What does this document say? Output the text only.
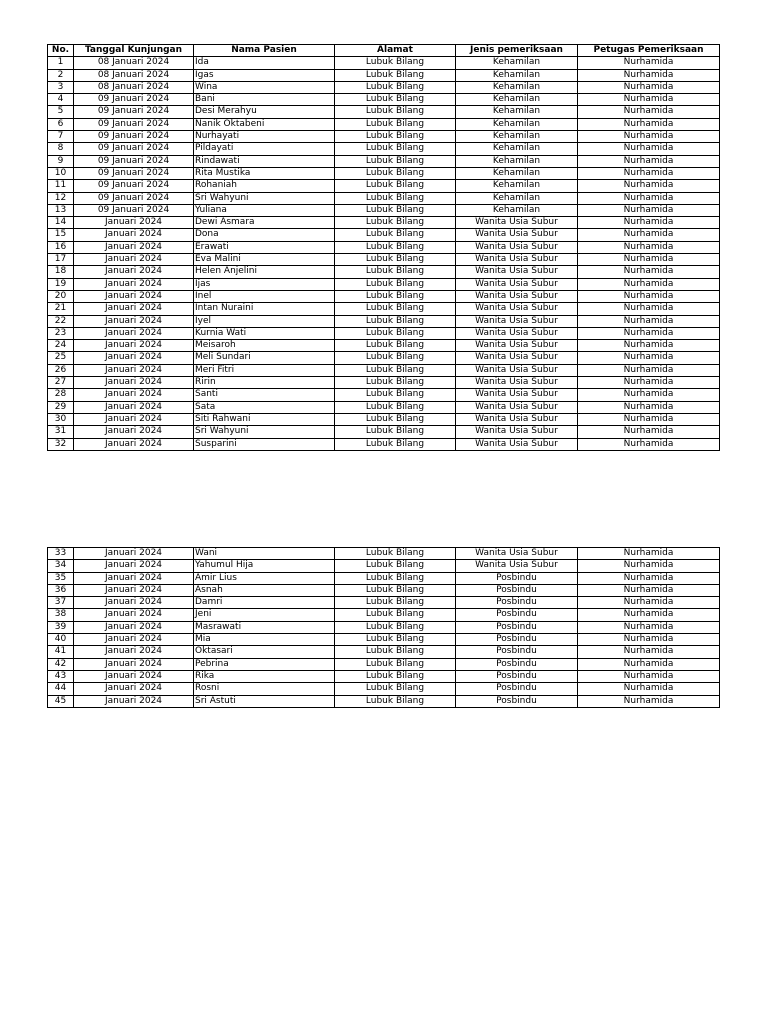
No.	Tanggal Kunjungan	Nama Pasien	Alamat	Jenis pemeriksaan	Petugas Pemeriksaan
1	08 Januari 2024	Ida	Lubuk Bilang	Kehamilan	Nurhamida
2	08 Januari 2024	Igas	Lubuk Bilang	Kehamilan	Nurhamida
3	08 Januari 2024	Wina	Lubuk Bilang	Kehamilan	Nurhamida
4	09 Januari 2024	Bani	Lubuk Bilang	Kehamilan	Nurhamida
5	09 Januari 2024	Desi Merahyu	Lubuk Bilang	Kehamilan	Nurhamida
6	09 Januari 2024	Nanik Oktabeni	Lubuk Bilang	Kehamilan	Nurhamida
7	09 Januari 2024	Nurhayati	Lubuk Bilang	Kehamilan	Nurhamida
8	09 Januari 2024	Pildayati	Lubuk Bilang	Kehamilan	Nurhamida
9	09 Januari 2024	Rindawati	Lubuk Bilang	Kehamilan	Nurhamida
10	09 Januari 2024	Rita Mustika	Lubuk Bilang	Kehamilan	Nurhamida
11	09 Januari 2024	Rohaniah	Lubuk Bilang	Kehamilan	Nurhamida
12	09 Januari 2024	Sri Wahyuni	Lubuk Bilang	Kehamilan	Nurhamida
13	09 Januari 2024	Yuliana	Lubuk Bilang	Kehamilan	Nurhamida
14	Januari 2024	Dewi Asmara	Lubuk Bilang	Wanita Usia Subur	Nurhamida
15	Januari 2024	Dona	Lubuk Bilang	Wanita Usia Subur	Nurhamida
16	Januari 2024	Erawati	Lubuk Bilang	Wanita Usia Subur	Nurhamida
17	Januari 2024	Eva Malini	Lubuk Bilang	Wanita Usia Subur	Nurhamida
18	Januari 2024	Helen Anjelini	Lubuk Bilang	Wanita Usia Subur	Nurhamida
19	Januari 2024	Ijas	Lubuk Bilang	Wanita Usia Subur	Nurhamida
20	Januari 2024	Inel	Lubuk Bilang	Wanita Usia Subur	Nurhamida
21	Januari 2024	Intan Nuraini	Lubuk Bilang	Wanita Usia Subur	Nurhamida
22	Januari 2024	Iyel	Lubuk Bilang	Wanita Usia Subur	Nurhamida
23	Januari 2024	Kurnia Wati	Lubuk Bilang	Wanita Usia Subur	Nurhamida
24	Januari 2024	Meisaroh	Lubuk Bilang	Wanita Usia Subur	Nurhamida
25	Januari 2024	Meli Sundari	Lubuk Bilang	Wanita Usia Subur	Nurhamida
26	Januari 2024	Meri Fitri	Lubuk Bilang	Wanita Usia Subur	Nurhamida
27	Januari 2024	Ririn	Lubuk Bilang	Wanita Usia Subur	Nurhamida
28	Januari 2024	Santi	Lubuk Bilang	Wanita Usia Subur	Nurhamida
29	Januari 2024	Sata	Lubuk Bilang	Wanita Usia Subur	Nurhamida
30	Januari 2024	Siti Rahwani	Lubuk Bilang	Wanita Usia Subur	Nurhamida
31	Januari 2024	Sri Wahyuni	Lubuk Bilang	Wanita Usia Subur	Nurhamida
32	Januari 2024	Susparini	Lubuk Bilang	Wanita Usia Subur	Nurhamida
33	Januari 2024	Wani	Lubuk Bilang	Wanita Usia Subur	Nurhamida
34	Januari 2024	Yahumul Hija	Lubuk Bilang	Wanita Usia Subur	Nurhamida
35	Januari 2024	Amir Lius	Lubuk Bilang	Posbindu	Nurhamida
36	Januari 2024	Asnah	Lubuk Bilang	Posbindu	Nurhamida
37	Januari 2024	Damri	Lubuk Bilang	Posbindu	Nurhamida
38	Januari 2024	Jeni	Lubuk Bilang	Posbindu	Nurhamida
39	Januari 2024	Masrawati	Lubuk Bilang	Posbindu	Nurhamida
40	Januari 2024	Mia	Lubuk Bilang	Posbindu	Nurhamida
41	Januari 2024	Oktasari	Lubuk Bilang	Posbindu	Nurhamida
42	Januari 2024	Pebrina	Lubuk Bilang	Posbindu	Nurhamida
43	Januari 2024	Rika	Lubuk Bilang	Posbindu	Nurhamida
44	Januari 2024	Rosni	Lubuk Bilang	Posbindu	Nurhamida
45	Januari 2024	Sri Astuti	Lubuk Bilang	Posbindu	Nurhamida
